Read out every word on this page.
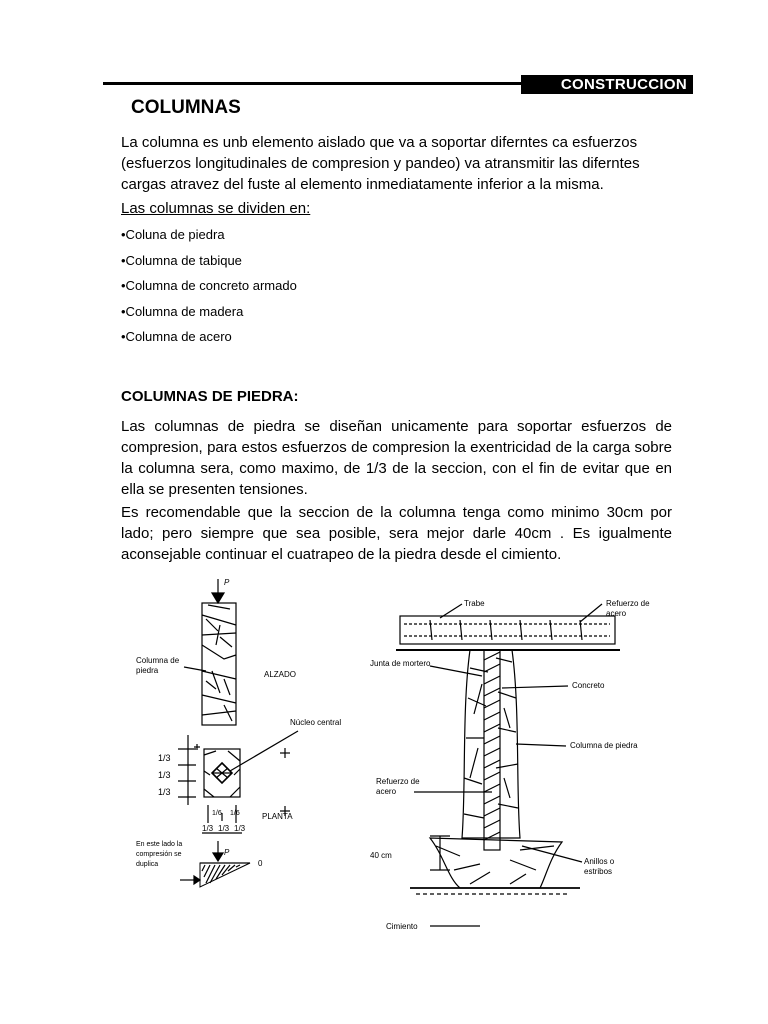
CONSTRUCCION
COLUMNAS

La columna es unb elemento aislado que va a soportar diferntes ca esfuerzos (esfuerzos longitudinales de compresion y pandeo) va atransmitir las diferntes cargas atravez del fuste al elemento inmediatamente inferior a la misma.

Las columnas se dividen en:

•Coluna de piedra
•Columna de tabique
•Columna de concreto armado
•Columna de madera
•Columna de acero
COLUMNAS DE PIEDRA:

Las columnas de piedra se diseñan unicamente para soportar esfuerzos de compresion, para estos esfuerzos de compresion la exentricidad de la carga sobre la columna sera, como maximo, de 1/3 de la seccion, con el fin de evitar que en ella se presenten tensiones.

Es recomendable que la seccion de la columna tenga como minimo 30cm por lado; pero siempre que sea posible, sera mejor darle 40cm . Es igualmente aconsejable continuar el cuatrapeo de la piedra desde el cimiento.

P
Columna de
piedra	ALZADO
Núcleo central
1/3
1/3
1/3
1/6 1/6	PLANTA
1/3 1/3 1/3
En este lado la
compresión se
duplica
P
0
Trabe	Refuerzo de
acero
Junta de mortero
Concreto
Columna de piedra
Refuerzo de
acero
40 cm
Anillos o
estribos
Cimiento
